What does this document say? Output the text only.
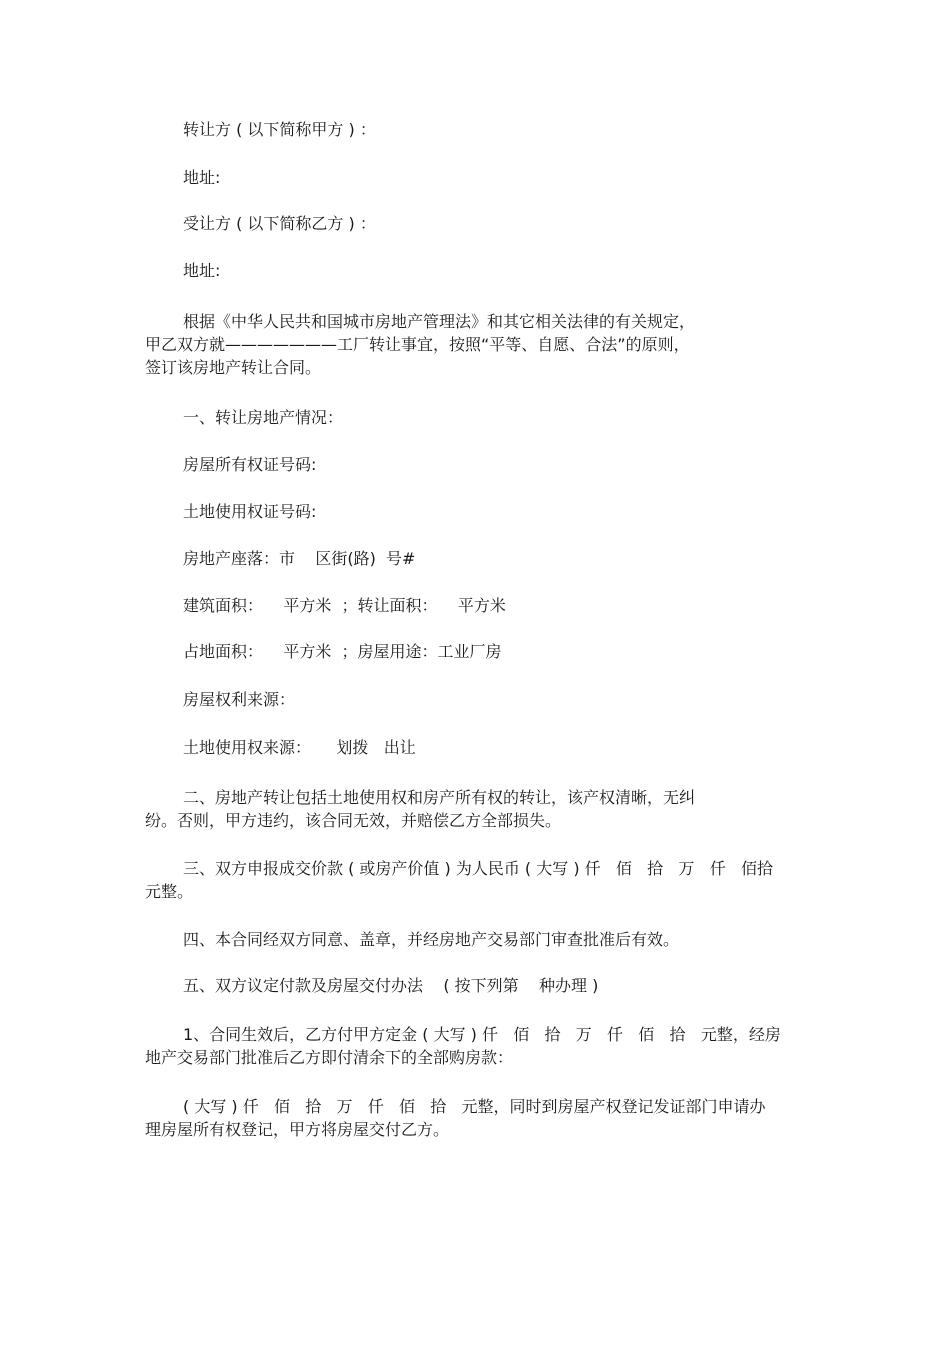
转让方 ( 以下简称甲方 ) ：

地址:

受让方 ( 以下简称乙方 ) ：

地址:

根据《中华人民共和国城市房地产管理法》和其它相关法律的有关规定，
甲乙双方就———————工厂转让事宜，按照“平等、自愿、合法”的原则，
签订该房地产转让合同。

一、转让房地产情况：

房屋所有权证号码:

土地使用权证号码:

房地产座落：市    区街(路)  号#

建筑面积：    平方米  ；转让面积：    平方米

占地面积：    平方米  ；房屋用途：工业厂房

房屋权利来源：

土地使用权来源：     划拨   出让

二、房地产转让包括土地使用权和房产所有权的转让，该产权清晰，无纠
纷。否则，甲方违约，该合同无效，并赔偿乙方全部损失。

三、双方申报成交价款 ( 或房产价值 ) 为人民币 ( 大写 ) 仟   佰   拾   万   仟   佰拾
元整。

四、本合同经双方同意、盖章，并经房地产交易部门审查批准后有效。

五、双方议定付款及房屋交付办法    ( 按下列第    种办理 )

1、合同生效后，乙方付甲方定金 ( 大写 ) 仟   佰   拾   万   仟   佰   拾   元整，经房
地产交易部门批准后乙方即付清余下的全部购房款：

( 大写 ) 仟   佰   拾   万   仟   佰   拾   元整，同时到房屋产权登记发证部门申请办
理房屋所有权登记，甲方将房屋交付乙方。
